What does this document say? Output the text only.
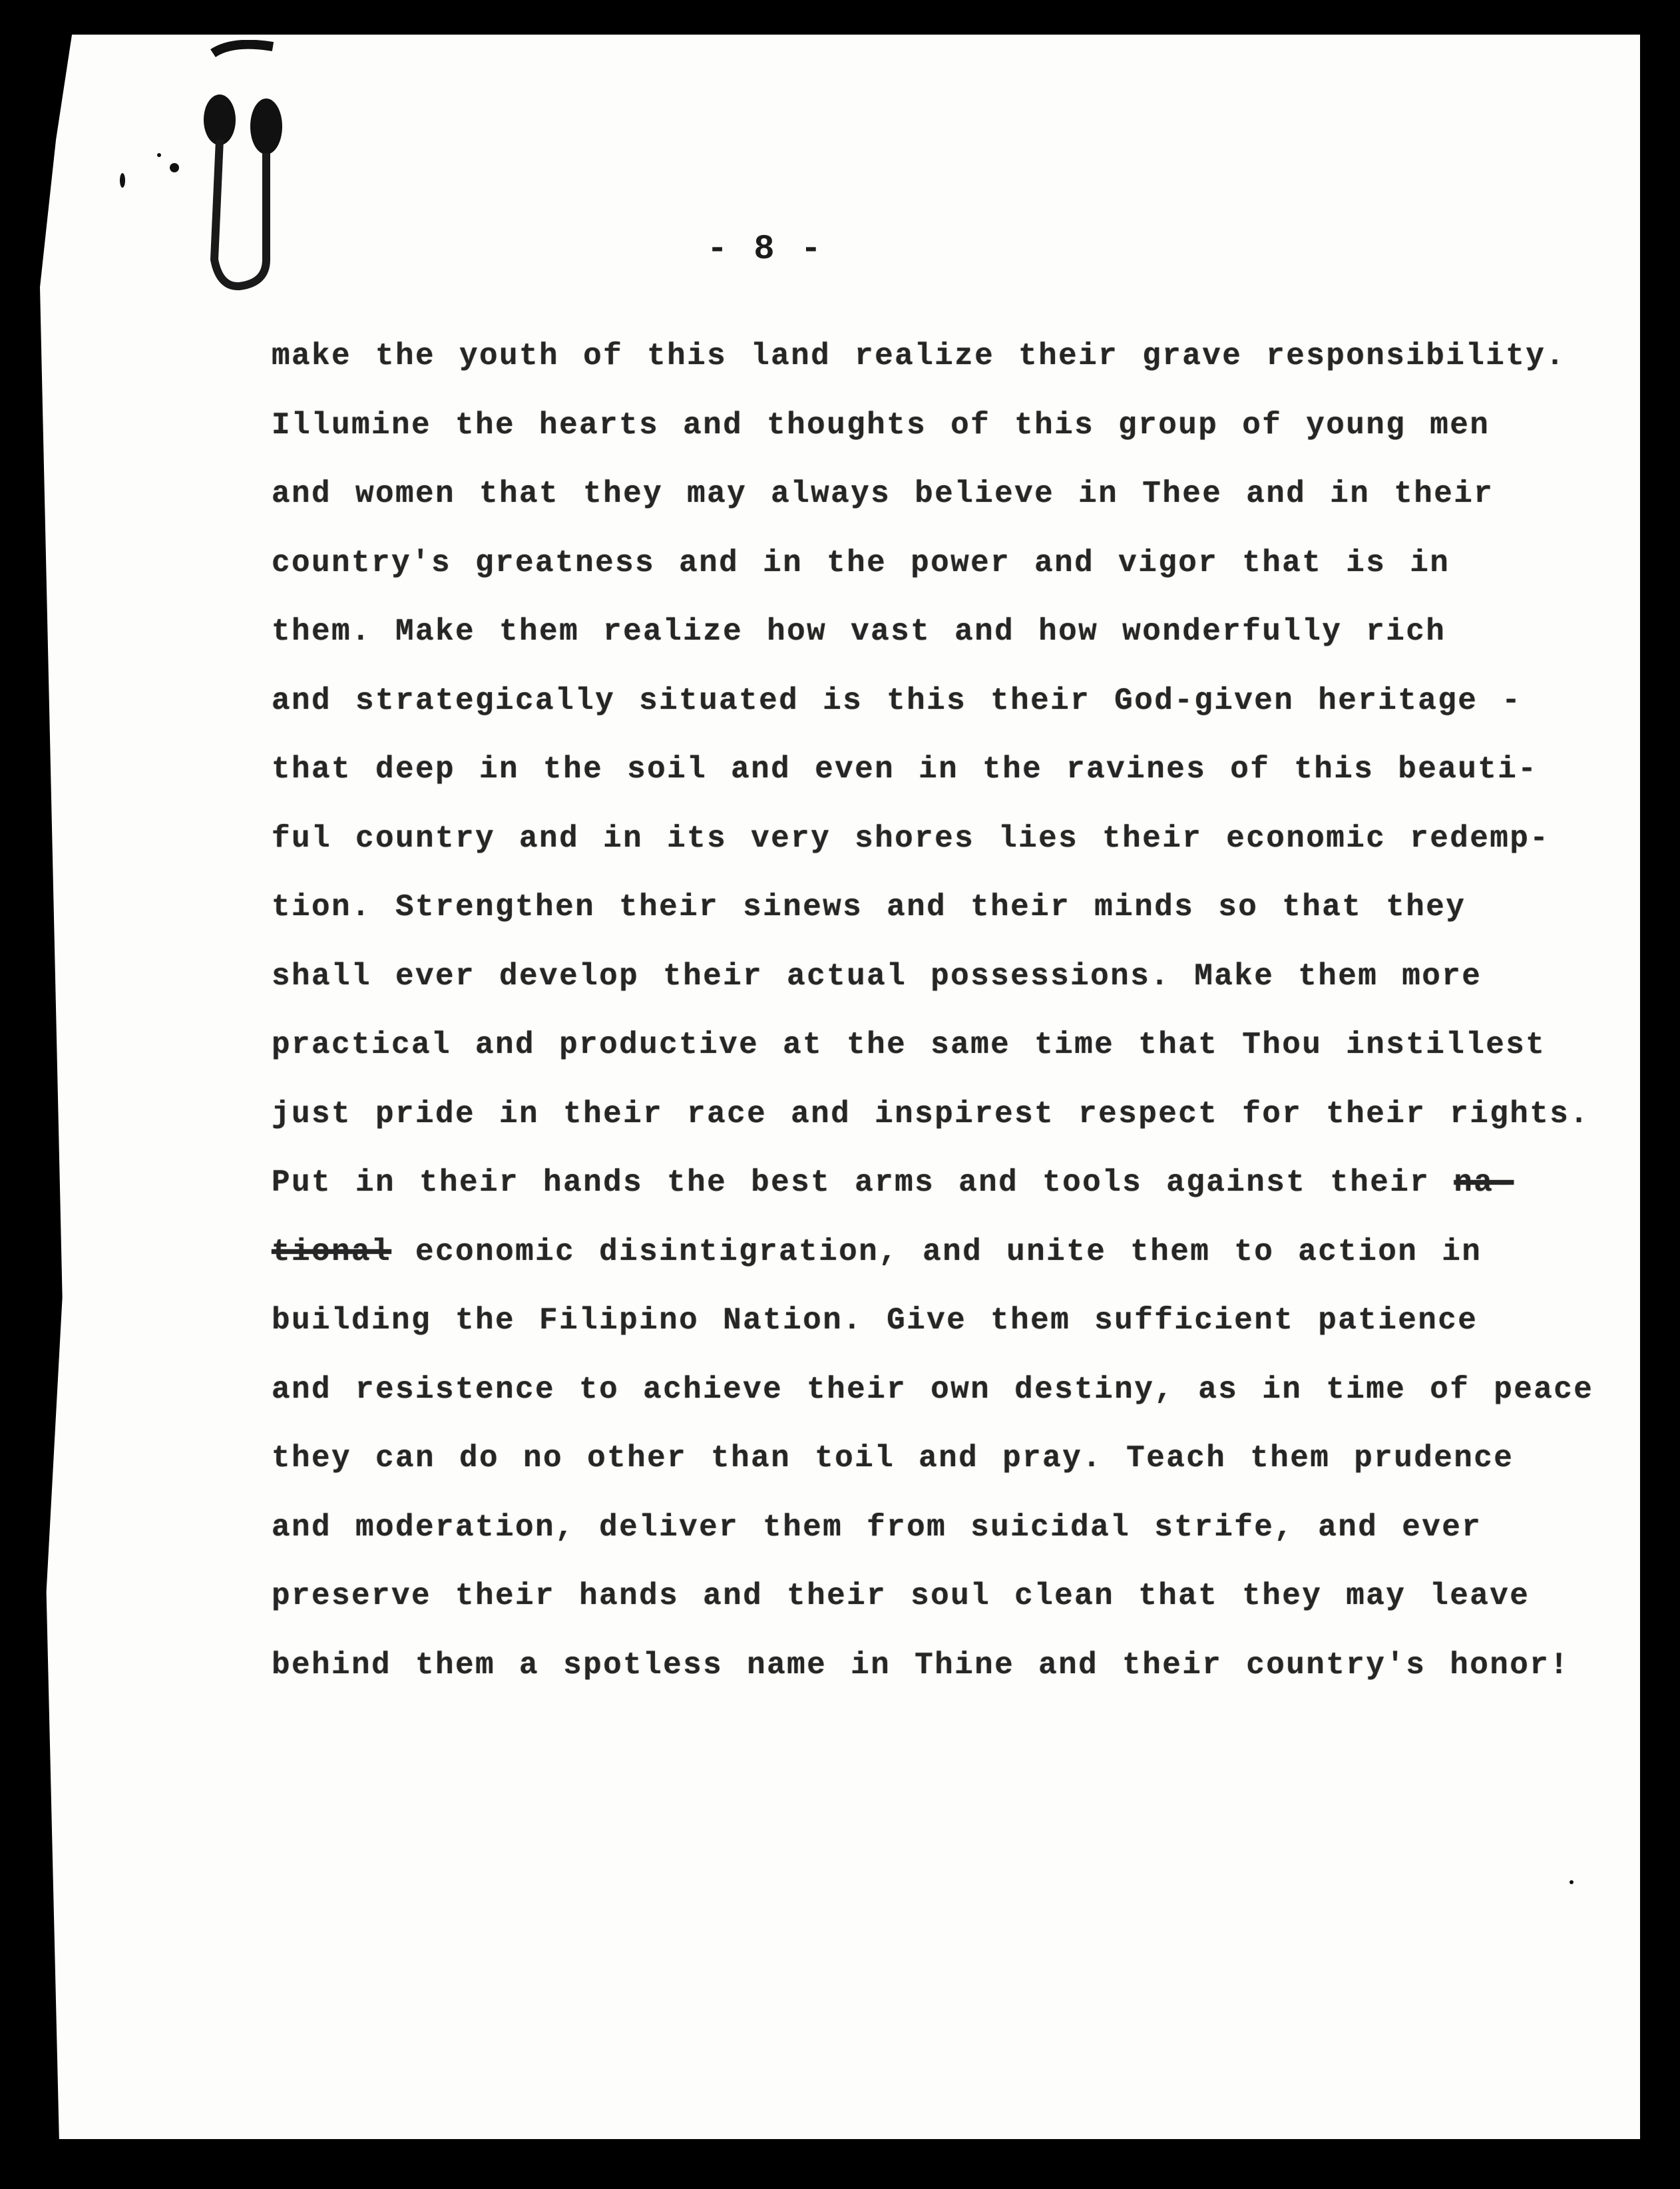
- 8 -
make the youth of this land realize their grave responsibility.
Illumine the hearts and thoughts of this group of young men
and women that they may always believe in Thee and in their
country's greatness and in the power and vigor that is in
them. Make them realize how vast and how wonderfully rich
and strategically situated is this their God-given heritage -
that deep in the soil and even in the ravines of this beauti-
ful country and in its very shores lies their economic redemp-
tion. Strengthen their sinews and their minds so that they
shall ever develop their actual possessions. Make them more
practical and productive at the same time that Thou instillest
just pride in their race and inspirest respect for their rights.
Put in their hands the best arms and tools against their na-
tional economic disintigration, and unite them to action in
building the Filipino Nation. Give them sufficient patience
and resistence to achieve their own destiny, as in time of peace
they can do no other than toil and pray. Teach them prudence
and moderation, deliver them from suicidal strife, and ever
preserve their hands and their soul clean that they may leave
behind them a spotless name in Thine and their country's honor!
